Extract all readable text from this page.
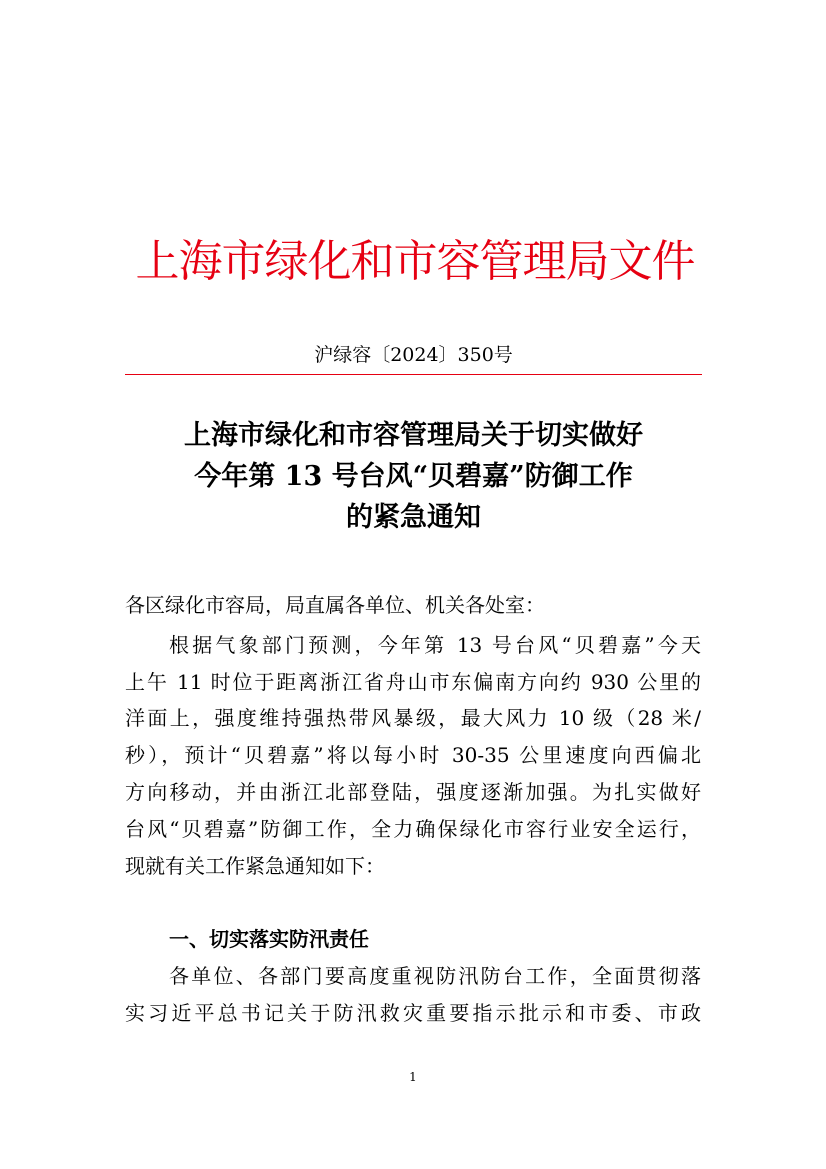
上海市绿化和市容管理局文件
沪绿容〔2024〕350号
上海市绿化和市容管理局关于切实做好
今年第 13 号台风“贝碧嘉”防御工作
的紧急通知
各区绿化市容局，局直属各单位、机关各处室：
根据气象部门预测，今年第 13 号台风“贝碧嘉”今天
上午 11 时位于距离浙江省舟山市东偏南方向约 930 公里的
洋面上，强度维持强热带风暴级，最大风力 10 级（28 米/
秒），预计“贝碧嘉”将以每小时 30-35 公里速度向西偏北
方向移动，并由浙江北部登陆，强度逐渐加强。为扎实做好
台风“贝碧嘉”防御工作，全力确保绿化市容行业安全运行，
现就有关工作紧急通知如下：
一、切实落实防汛责任
各单位、各部门要高度重视防汛防台工作，全面贯彻落
实习近平总书记关于防汛救灾重要指示批示和市委、市政
1
